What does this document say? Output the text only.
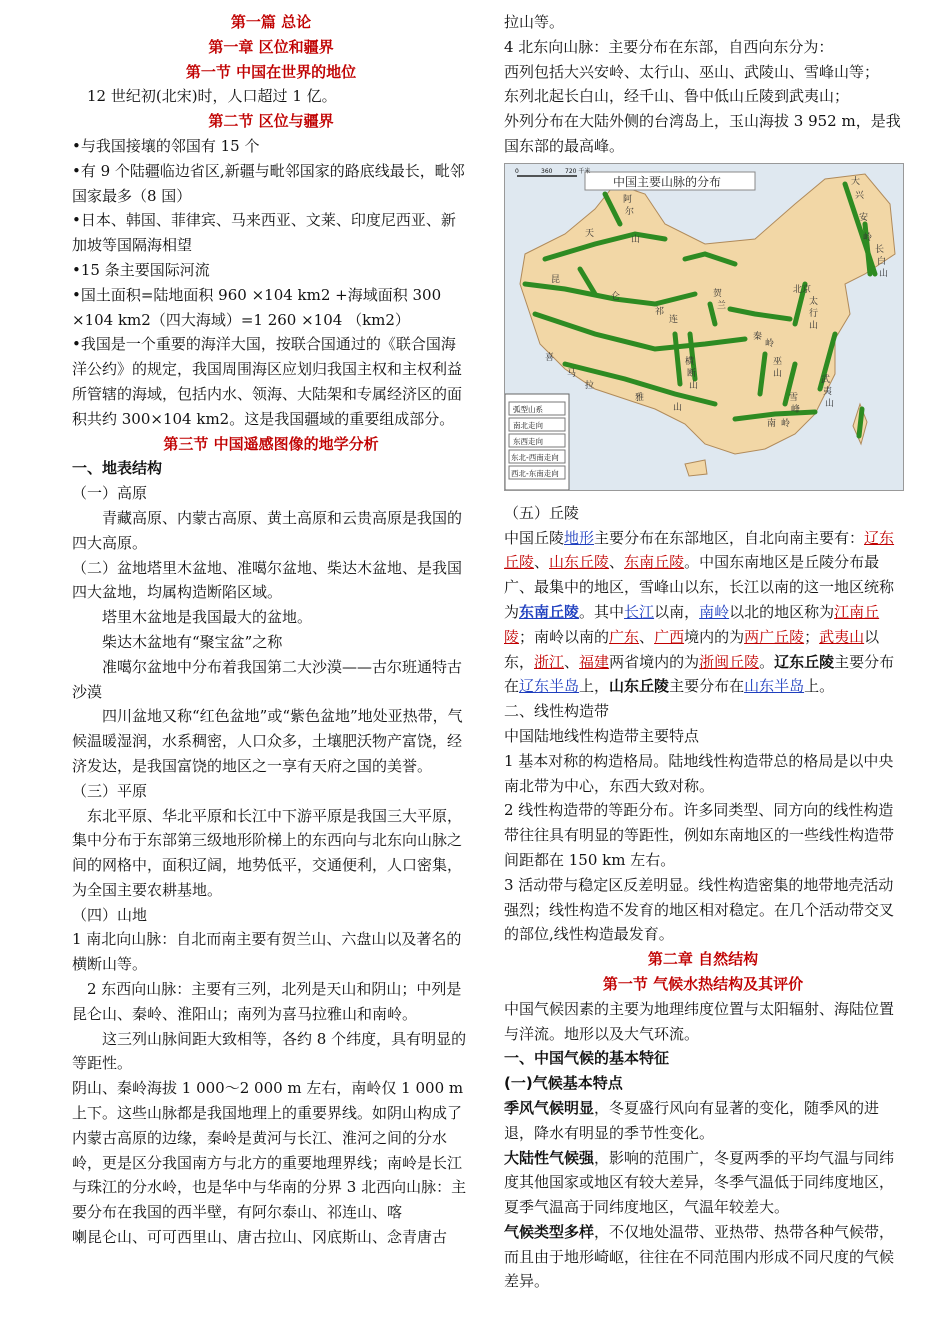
第一篇 总论
第一章 区位和疆界
第一节 中国在世界的地位

12 世纪初(北宋)时，人口超过 1 亿。

第二节 区位与疆界

•与我国接壤的邻国有 15 个

•有 9 个陆疆临边省区,新疆与毗邻国家的路底线最长，毗邻国家最多（8 国）

•日本、韩国、菲律宾、马来西亚、文莱、印度尼西亚、新加坡等国隔海相望

•15 条主要国际河流

•国土面积=陆地面积 960 ×104 km2 +海域面积 300 ×104 km2（四大海域）=1 260 ×104 （km2）

•我国是一个重要的海洋大国，按联合国通过的《联合国海洋公约》的规定，我国周围海区应划归我国主权和主权利益所管辖的海域，包括内水、领海、大陆架和专属经济区的面积共约 300×104 km2。这是我国疆域的重要组成部分。

第三节 中国遥感图像的地学分析

一、地表结构

（一）高原

青藏高原、内蒙古高原、黄土高原和云贵高原是我国的四大高原。

（二）盆地塔里木盆地、准噶尔盆地、柴达木盆地、是我国四大盆地，均属构造断陷区域。

塔里木盆地是我国最大的盆地。

柴达木盆地有“聚宝盆”之称

准噶尔盆地中分布着我国第二大沙漠——古尔班通特古沙漠

四川盆地又称“红色盆地”或“紫色盆地”地处亚热带，气候温暖湿润，水系稠密，人口众多，土壤肥沃物产富饶，经济发达，是我国富饶的地区之一享有天府之国的美誉。

（三）平原

东北平原、华北平原和长江中下游平原是我国三大平原，集中分布于东部第三级地形阶梯上的东西向与北东向山脉之间的网格中，面积辽阔，地势低平，交通便利，人口密集，为全国主要农耕基地。

（四）山地

1 南北向山脉：自北而南主要有贺兰山、六盘山以及著名的横断山等。

2 东西向山脉：主要有三列，北列是天山和阴山；中列是昆仑山、秦岭、淮阳山；南列为喜马拉雅山和南岭。

这三列山脉间距大致相等，各约 8 个纬度，具有明显的等距性。

阴山、秦岭海拔 1 000～2 000 m 左右，南岭仅 1 000 m 上下。这些山脉都是我国地理上的重要界线。如阴山构成了内蒙古高原的边缘，秦岭是黄河与长江、淮河之间的分水岭，更是区分我国南方与北方的重要地理界线；南岭是长江与珠江的分水岭，也是华中与华南的分界 3 北西向山脉：主要分布在我国的西半壁，有阿尔泰山、祁连山、喀

喇昆仑山、可可西里山、唐古拉山、冈底斯山、念青唐古

拉山等。

4 北东向山脉：主要分布在东部，自西向东分为：

西列包括大兴安岭、太行山、巫山、武陵山、雪峰山等；

东列北起长白山，经千山、鲁中低山丘陵到武夷山；

外列分布在大陆外侧的台湾岛上，玉山海拔 3 952 m，是我国东部的最高峰。

弧型山系
南北走向
东西走向
东北-西南走向
西北-东南走向
中国主要山脉的分布
0	360 720 千米
阿
尔
天
山
昆
仑
北京
太
行
山
秦
岭
巫
山
南 岭
武
夷
山
大
兴
安
岭
长
白
山
喜
马
拉
雅
山
祁
连
贺
兰
横
断
山
雪
峰

（五）丘陵

中国丘陵地形主要分布在东部地区，自北向南主要有：辽东丘陵、山东丘陵、东南丘陵。中国东南地区是丘陵分布最广、最集中的地区，雪峰山以东，长江以南的这一地区统称为东南丘陵。其中长江以南，南岭以北的地区称为江南丘陵；南岭以南的广东、广西境内的为两广丘陵；武夷山以东，浙江、福建两省境内的为浙闽丘陵。辽东丘陵主要分布在辽东半岛上，山东丘陵主要分布在山东半岛上。

二、线性构造带

中国陆地线性构造带主要特点

1 基本对称的构造格局。陆地线性构造带总的格局是以中央南北带为中心，东西大致对称。

2 线性构造带的等距分布。许多同类型、同方向的线性构造带往往具有明显的等距性，例如东南地区的一些线性构造带间距都在 150 km 左右。

3 活动带与稳定区反差明显。线性构造密集的地带地壳活动强烈；线性构造不发育的地区相对稳定。在几个活动带交叉的部位,线性构造最发育。

第二章 自然结构
第一节 气候水热结构及其评价

中国气候因素的主要为地理纬度位置与太阳辐射、海陆位置与洋流。地形以及大气环流。

一、中国气候的基本特征

(一)气候基本特点

季风气候明显，冬夏盛行风向有显著的变化，随季风的进退，降水有明显的季节性变化。

大陆性气候强，影响的范围广，冬夏两季的平均气温与同纬度其他国家或地区有较大差异，冬季气温低于同纬度地区，夏季气温高于同纬度地区，气温年较差大。

气候类型多样，不仅地处温带、亚热带、热带各种气候带，而且由于地形崎岖，往往在不同范围内形成不同尺度的气候差异。
